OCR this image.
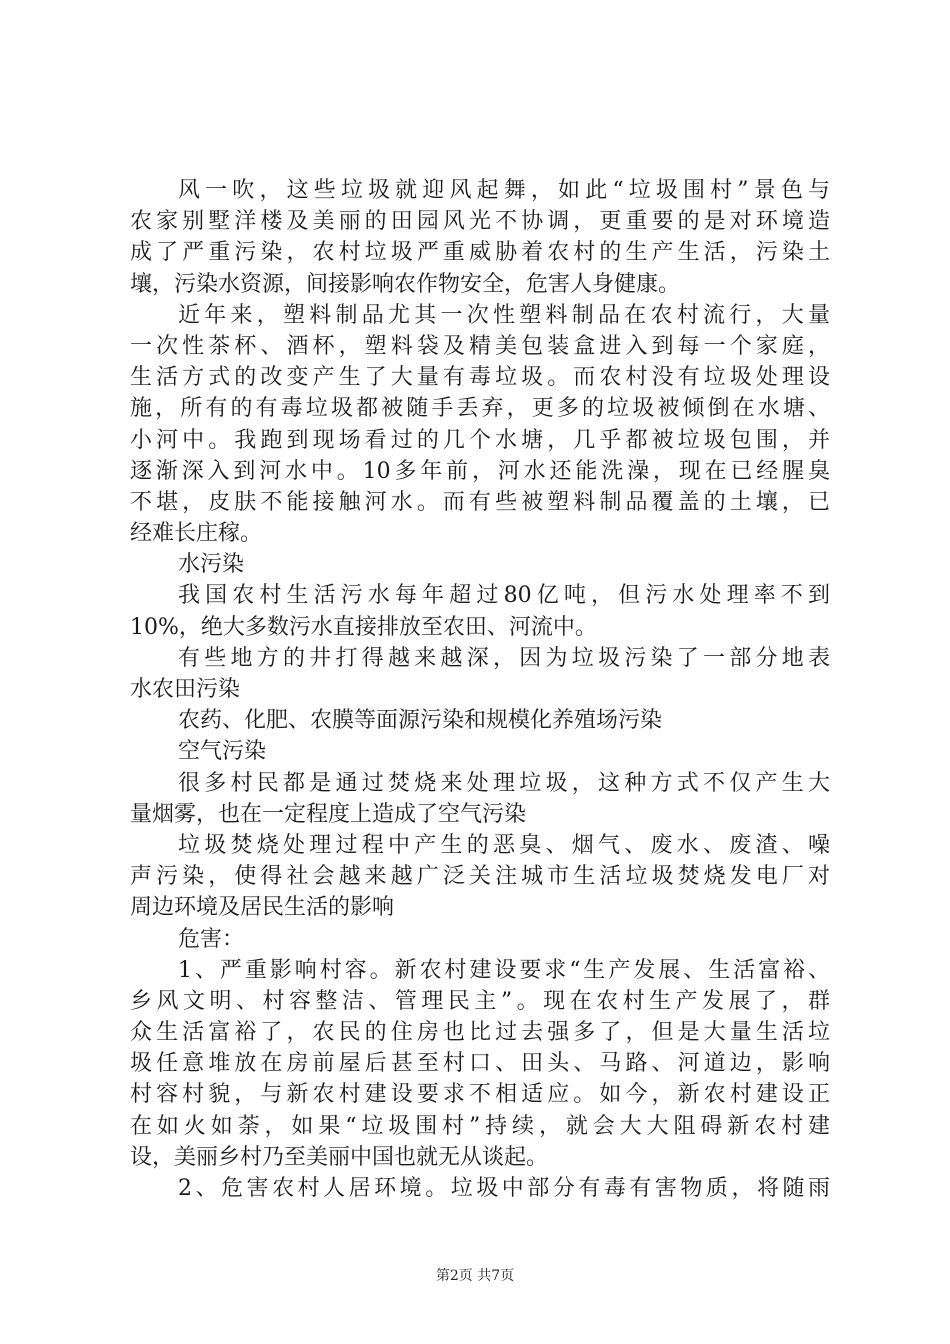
风一吹，这些垃圾就迎风起舞，如此“垃圾围村”景色与
农家别墅洋楼及美丽的田园风光不协调，更重要的是对环境造
成了严重污染，农村垃圾严重威胁着农村的生产生活，污染土
壤，污染水资源，间接影响农作物安全，危害人身健康。
近年来，塑料制品尤其一次性塑料制品在农村流行，大量
一次性茶杯、酒杯，塑料袋及精美包装盒进入到每一个家庭，
生活方式的改变产生了大量有毒垃圾。而农村没有垃圾处理设
施，所有的有毒垃圾都被随手丢弃，更多的垃圾被倾倒在水塘、
小河中。我跑到现场看过的几个水塘，几乎都被垃圾包围，并
逐渐深入到河水中。10多年前，河水还能洗澡，现在已经腥臭
不堪，皮肤不能接触河水。而有些被塑料制品覆盖的土壤，已
经难长庄稼。
水污染
我国农村生活污水每年超过80亿吨，但污水处理率不到
10%，绝大多数污水直接排放至农田、河流中。
有些地方的井打得越来越深，因为垃圾污染了一部分地表
水农田污染
农药、化肥、农膜等面源污染和规模化养殖场污染
空气污染
很多村民都是通过焚烧来处理垃圾，这种方式不仅产生大
量烟雾，也在一定程度上造成了空气污染
垃圾焚烧处理过程中产生的恶臭、烟气、废水、废渣、噪
声污染，使得社会越来越广泛关注城市生活垃圾焚烧发电厂对
周边环境及居民生活的影响
危害：
1、严重影响村容。新农村建设要求“生产发展、生活富裕、
乡风文明、村容整洁、管理民主”。现在农村生产发展了，群
众生活富裕了，农民的住房也比过去强多了，但是大量生活垃
圾任意堆放在房前屋后甚至村口、田头、马路、河道边，影响
村容村貌，与新农村建设要求不相适应。如今，新农村建设正
在如火如荼，如果“垃圾围村”持续，就会大大阻碍新农村建
设，美丽乡村乃至美丽中国也就无从谈起。
2、危害农村人居环境。垃圾中部分有毒有害物质，将随雨
第2页 共7页
